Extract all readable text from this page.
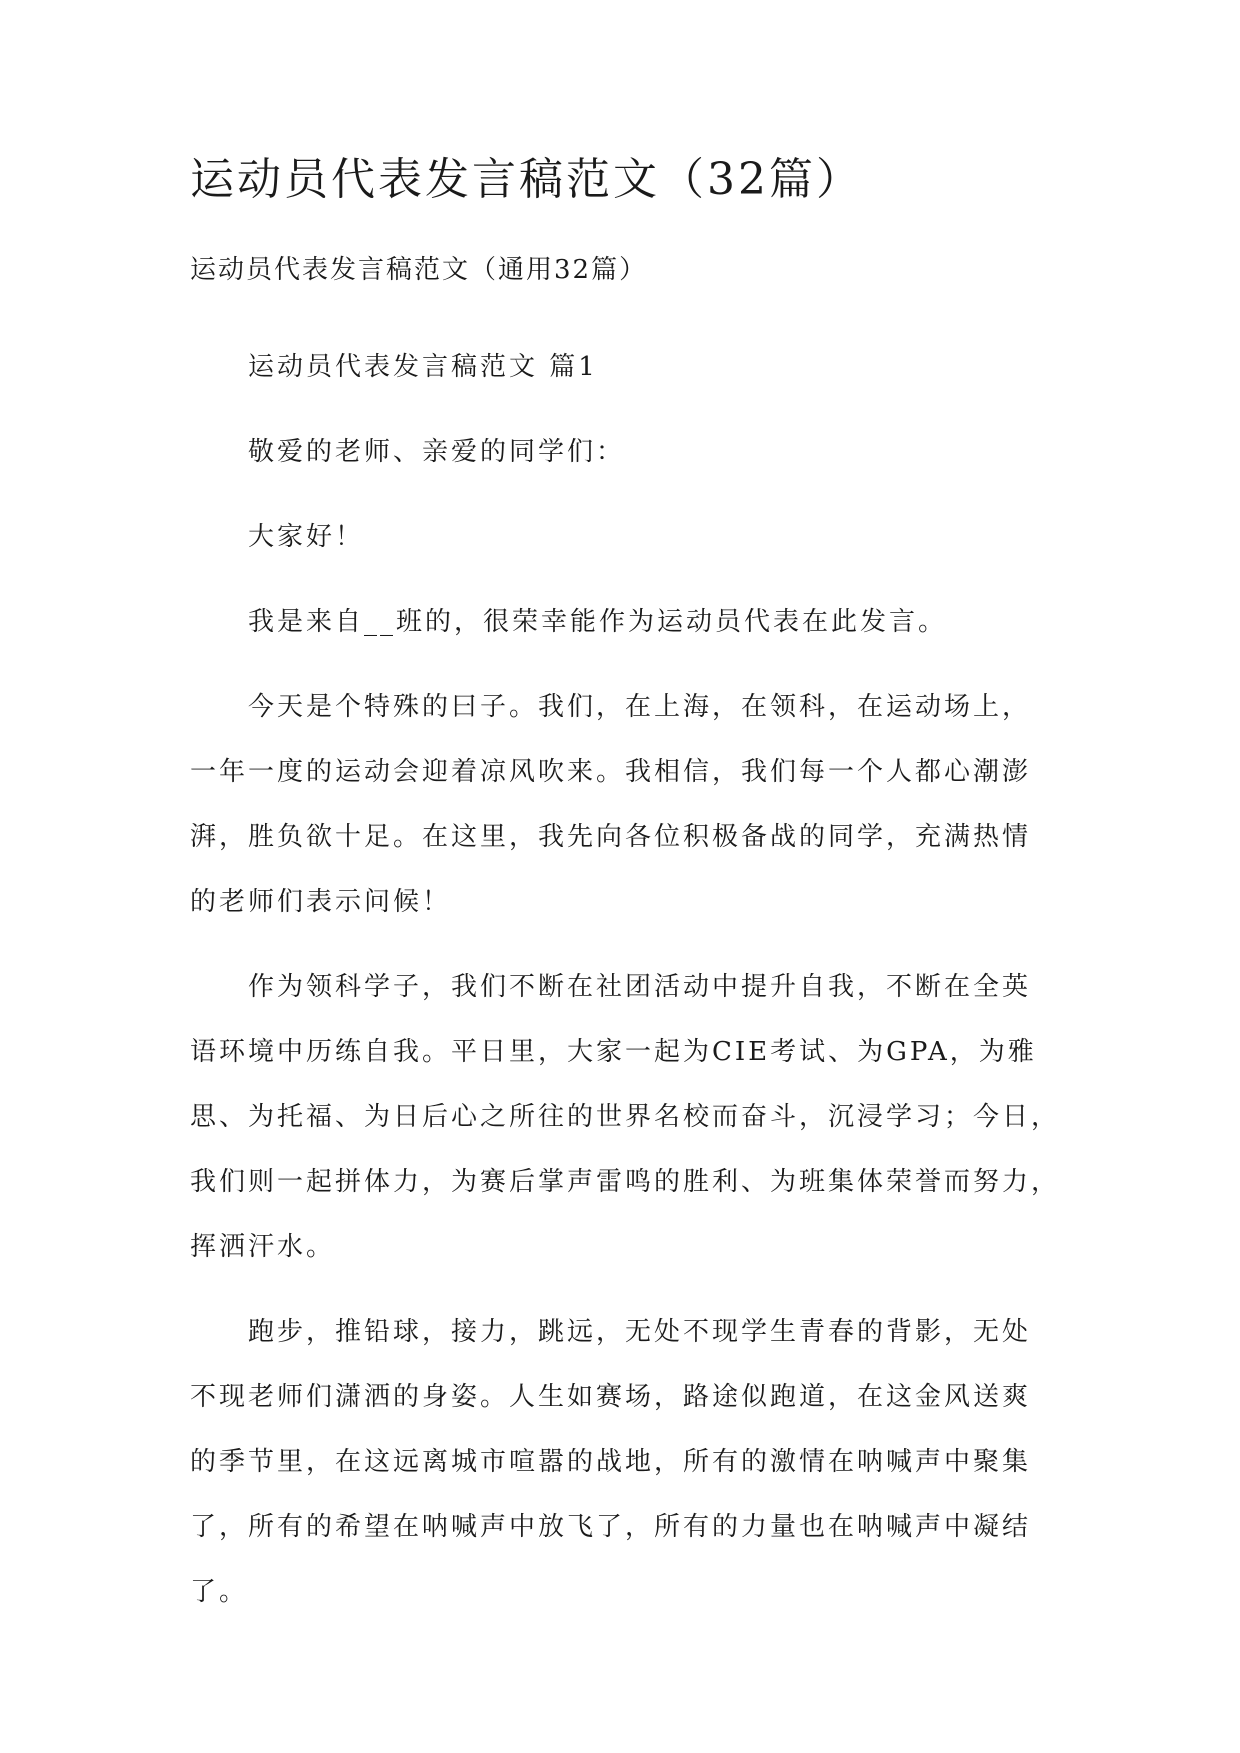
运动员代表发言稿范文（32篇）

运动员代表发言稿范文（通用32篇）

运动员代表发言稿范文 篇1

敬爱的老师、亲爱的同学们：

大家好！

我是来自__班的，很荣幸能作为运动员代表在此发言。

今天是个特殊的曰子。我们，在上海，在领科，在运动场上，
一年一度的运动会迎着凉风吹来。我相信，我们每一个人都心潮澎
湃，胜负欲十足。在这里，我先向各位积极备战的同学，充满热情
的老师们表示问候！
作为领科学子，我们不断在社团活动中提升自我，不断在全英
语环境中历练自我。平日里，大家一起为CIE考试、为GPA，为雅
思、为托福、为日后心之所往的世界名校而奋斗，沉浸学习；今日，
我们则一起拼体力，为赛后掌声雷鸣的胜利、为班集体荣誉而努力，
挥洒汗水。
跑步，推铅球，接力，跳远，无处不现学生青春的背影，无处
不现老师们潇洒的身姿。人生如赛场，路途似跑道，在这金风送爽
的季节里，在这远离城市喧嚣的战地，所有的激情在呐喊声中聚集
了，所有的希望在呐喊声中放飞了，所有的力量也在呐喊声中凝结
了。
